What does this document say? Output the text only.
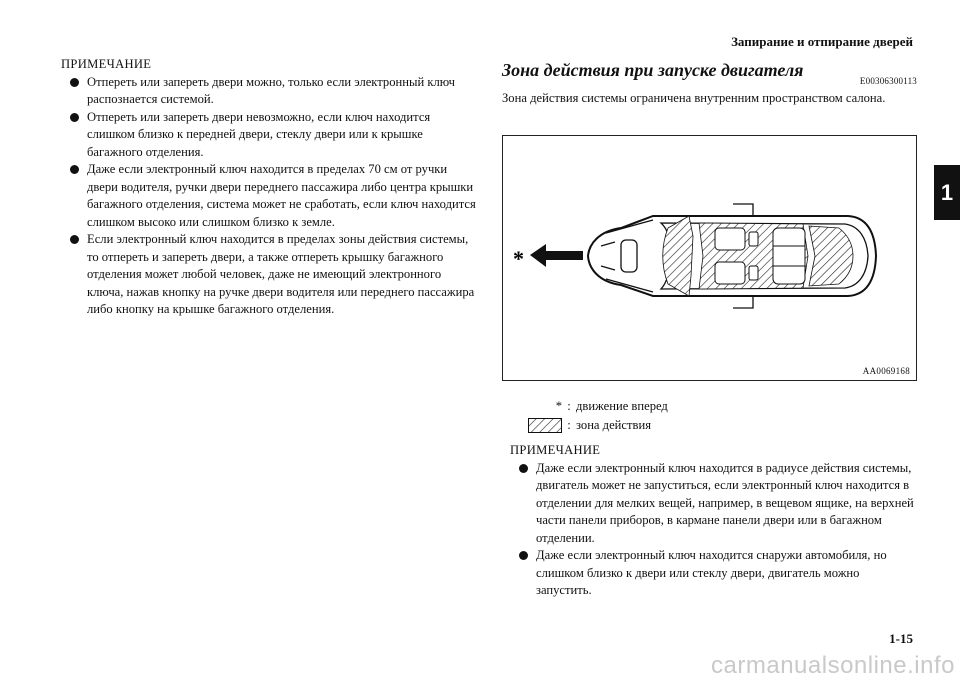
Запирание и отпирание дверей
1
ПРИМЕЧАНИЕ
Отпереть или запереть двери можно, только если электронный ключ распознается системой.
Отпереть или запереть двери невозможно, если ключ находится слишком близко к передней двери, стеклу двери или к крышке багажного отделения.
Даже если электронный ключ находится в пределах 70 см от ручки двери водителя, ручки двери переднего пассажира либо центра крышки багажного отделения, система может не сработать, если ключ находится слишком высоко или слишком близко к земле.
Если электронный ключ находится в пределах зоны действия системы, то отпереть и запереть двери, а также отпереть крышку багажного отделения может любой человек, даже не имеющий электронного ключа, нажав кнопку на ручке двери водителя или переднего пассажира либо кнопку на крышке багажного отделения.
Зона действия при запуске двигателя
E00306300113
Зона действия системы ограничена внутренним пространством салона.
*
AA0069168
* : движение вперед
: зона действия
ПРИМЕЧАНИЕ
Даже если электронный ключ находится в радиусе действия системы, двигатель может не запуститься, если электронный ключ находится в отделении для мелких вещей, например, в вещевом ящике, на верхней части панели приборов, в кармане панели двери или в багажном отделении.
Даже если электронный ключ находится снаружи автомобиля, но слишком близко к двери или стеклу двери, двигатель можно запустить.
1-15
carmanualsonline.info
